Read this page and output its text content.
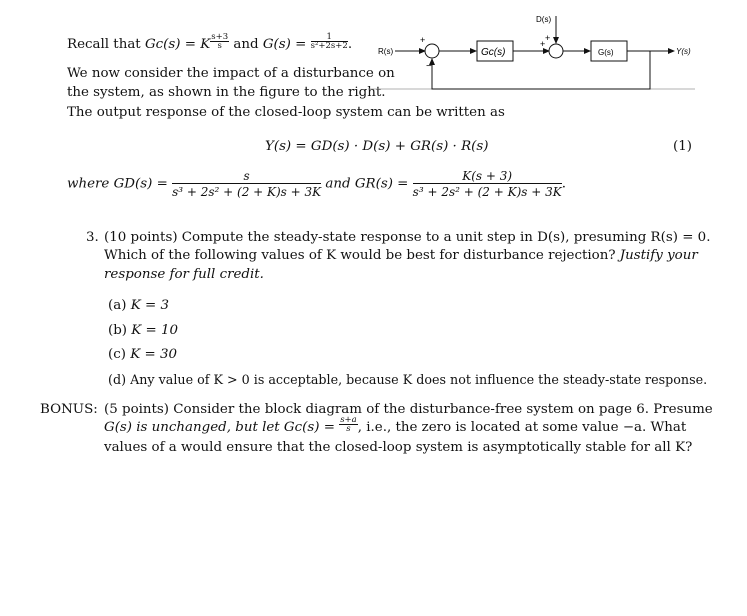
Recall that Gc(s) = K $\frac{s+3}{s}$ and $G(s) = \frac{1}{\text{s²+2s+2}}$ .
We now consider the impact of a disturbance on
the system, as shown in the figure to the right.
The output response of the closed-loop system can be written as
R(s)
+
−
Gc(s)
D(s)
+
+
G(s)	Y(s)
Y(s) = GD(s) · D(s) + GR(s) · R(s)	(1)
where $GD(s) = \frac{s}{\text{s³ + 2s² + (2 + K)s + 3K}}$ and $GR(s) = \frac{K(s + 3)}{\text{s³ + 2s² + (2 + K)s + 3K}}$ .
3. (10 points) Compute the steady-state response to a unit step in D(s), presuming R(s) = 0.
Which of the following values of K would be best for disturbance rejection? Justify your
response for full credit.
(a) K = 3
(b) K = 10
(c) K = 30
(d) Any value of K > 0 is acceptable, because K does not influence the steady-state response.
BONUS: (5 points) Consider the block diagram of the disturbance-free system on page 6. Presume
G(s) is unchanged, but let $Gc(s) = \frac{s+a}{s}$ , i.e., the zero is located at some value −a. What
values of a would ensure that the closed-loop system is asymptotically stable for all K?
